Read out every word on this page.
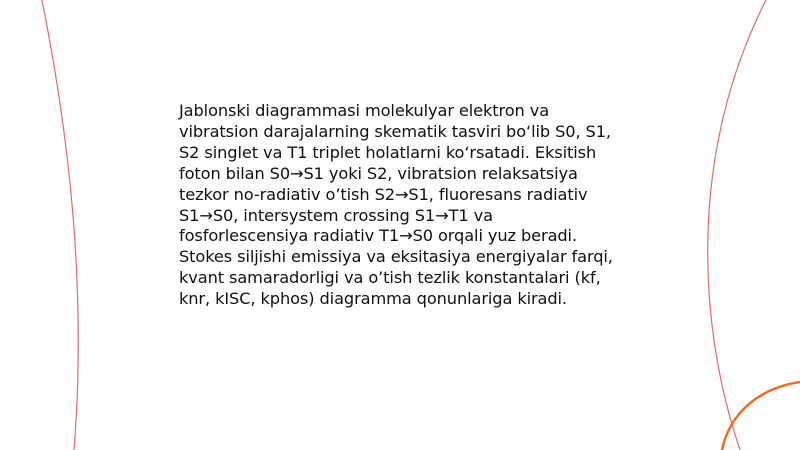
Jablonski diagrammasi molekulyar elektron va
vibratsion darajalarning skematik tasviri bo‘lib S0, S1,
S2 singlet va T1 triplet holatlarni ko‘rsatadi. Eksitish
foton bilan S0→S1 yoki S2, vibratsion relaksatsiya
tezkor no-radiativ o’tish S2→S1, fluoresans radiativ
S1→S0, intersystem crossing S1→T1 va
fosforlescensiya radiativ T1→S0 orqali yuz beradi.
Stokes siljishi emissiya va eksitasiya energiyalar farqi,
kvant samaradorligi va o’tish tezlik konstantalari (kf,
knr, kISC, kphos) diagramma qonunlariga kiradi.
